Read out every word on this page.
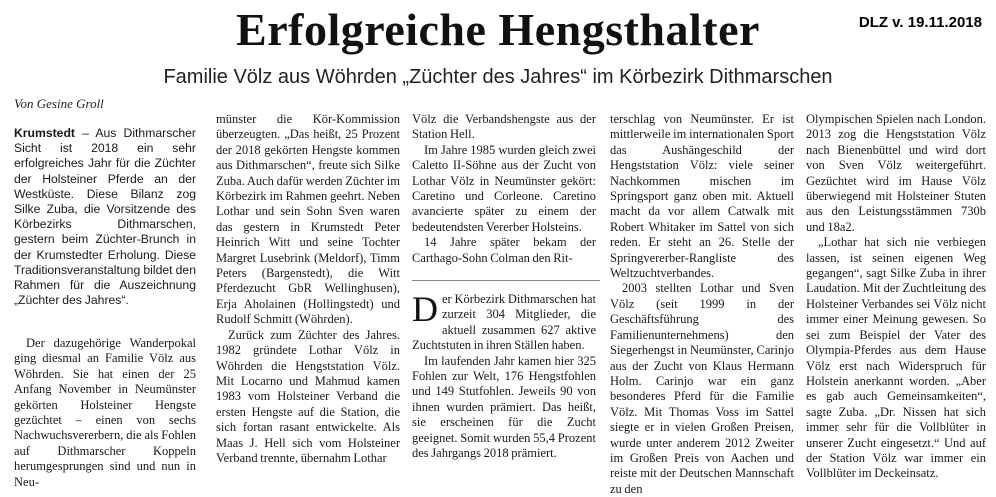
Erfolgreiche Hengsthalter	DLZ v. 19.11.2018
Familie Völz aus Wöhrden „Züchter des Jahres“ im Körbezirk Dithmarschen
Von Gesine Groll

Krumstedt – Aus Dithmarscher Sicht ist 2018 ein sehr erfolgreiches Jahr für die Züchter der Holsteiner Pferde an der Westküste. Diese Bilanz zog Silke Zuba, die Vorsitzende des Körbezirks Dithmarschen, gestern beim Züchter-Brunch in der Krumstedter Erholung. Diese Traditionsveranstaltung bildet den Rahmen für die Auszeichnung „Züchter des Jahres“.

Der dazugehörige Wanderpokal ging diesmal an Familie Völz aus Wöhrden. Sie hat einen der 25 Anfang November in Neumünster gekörten Holsteiner Hengste gezüchtet – einen von sechs Nachwuchsvererbern, die als Fohlen auf Dithmarscher Koppeln herumgesprungen sind und nun in Neu-

münster die Kör-Kommission überzeugten. „Das heißt, 25 Prozent der 2018 gekörten Hengste kommen aus Dithmarschen“, freute sich Silke Zuba. Auch dafür werden Züchter im Körbezirk im Rahmen geehrt. Neben Lothar und sein Sohn Sven waren das gestern in Krumstedt Peter Heinrich Witt und seine Tochter Margret Lusebrink (Meldorf), Timm Peters (Bargenstedt), die Witt Pferdezucht GbR Wellinghusen), Erja Aholainen (Hollingstedt) und Rudolf Schmitt (Wöhrden).

Zurück zum Züchter des Jahres. 1982 gründete Lothar Völz in Wöhrden die Hengststation Völz. Mit Locarno und Mahmud kamen 1983 vom Holsteiner Verband die ersten Hengste auf die Station, die sich fortan rasant entwickelte. Als Maas J. Hell sich vom Holsteiner Verband trennte, übernahm Lothar

Völz die Verbandshengste aus der Station Hell.

Im Jahre 1985 wurden gleich zwei Caletto II-Söhne aus der Zucht von Lothar Völz in Neumünster gekört: Caretino und Corleone. Caretino avancierte später zu einem der bedeutendsten Vererber Holsteins.

14 Jahre später bekam der Carthago-Sohn Colman den Rit-

Der Körbezirk Dithmarschen hat zurzeit 304 Mitglieder, die aktuell zusammen 627 aktive Zuchtstuten in ihren Ställen haben.

Im laufenden Jahr kamen hier 325 Fohlen zur Welt, 176 Hengstfohlen und 149 Stutfohlen. Jeweils 90 von ihnen wurden prämiert. Das heißt, sie erscheinen für die Zucht geeignet. Somit wurden 55,4 Prozent des Jahrgangs 2018 prämiert.

terschlag von Neumünster. Er ist mittlerweile im internationalen Sport das Aushängeschild der Hengststation Völz: viele seiner Nachkommen mischen im Springsport ganz oben mit. Aktuell macht da vor allem Catwalk mit Robert Whitaker im Sattel von sich reden. Er steht an 26. Stelle der Springvererber-Rangliste des Weltzuchtverbandes.

2003 stellten Lothar und Sven Völz (seit 1999 in der Geschäftsführung des Familienunternehmens) den Siegerhengst in Neumünster, Carinjo aus der Zucht von Klaus Hermann Holm. Carinjo war ein ganz besonderes Pferd für die Familie Völz. Mit Thomas Voss im Sattel siegte er in vielen Großen Preisen, wurde unter anderem 2012 Zweiter im Großen Preis von Aachen und reiste mit der Deutschen Mannschaft zu den

Olympischen Spielen nach London. 2013 zog die Hengststation Völz nach Bienenbüttel und wird dort von Sven Völz weitergeführt. Gezüchtet wird im Hause Völz überwiegend mit Holsteiner Stuten aus den Leistungsstämmen 730b und 18a2.

„Lothar hat sich nie verbiegen lassen, ist seinen eigenen Weg gegangen“, sagt Silke Zuba in ihrer Laudation. Mit der Zuchtleitung des Holsteiner Verbandes sei Völz nicht immer einer Meinung gewesen. So sei zum Beispiel der Vater des Olympia-Pferdes aus dem Hause Völz erst nach Widerspruch für Holstein anerkannt worden. „Aber es gab auch Gemeinsamkeiten“, sagte Zuba. „Dr. Nissen hat sich immer sehr für die Vollblüter in unserer Zucht eingesetzt.“ Und auf der Station Völz war immer ein Vollblüter im Deckeinsatz.
